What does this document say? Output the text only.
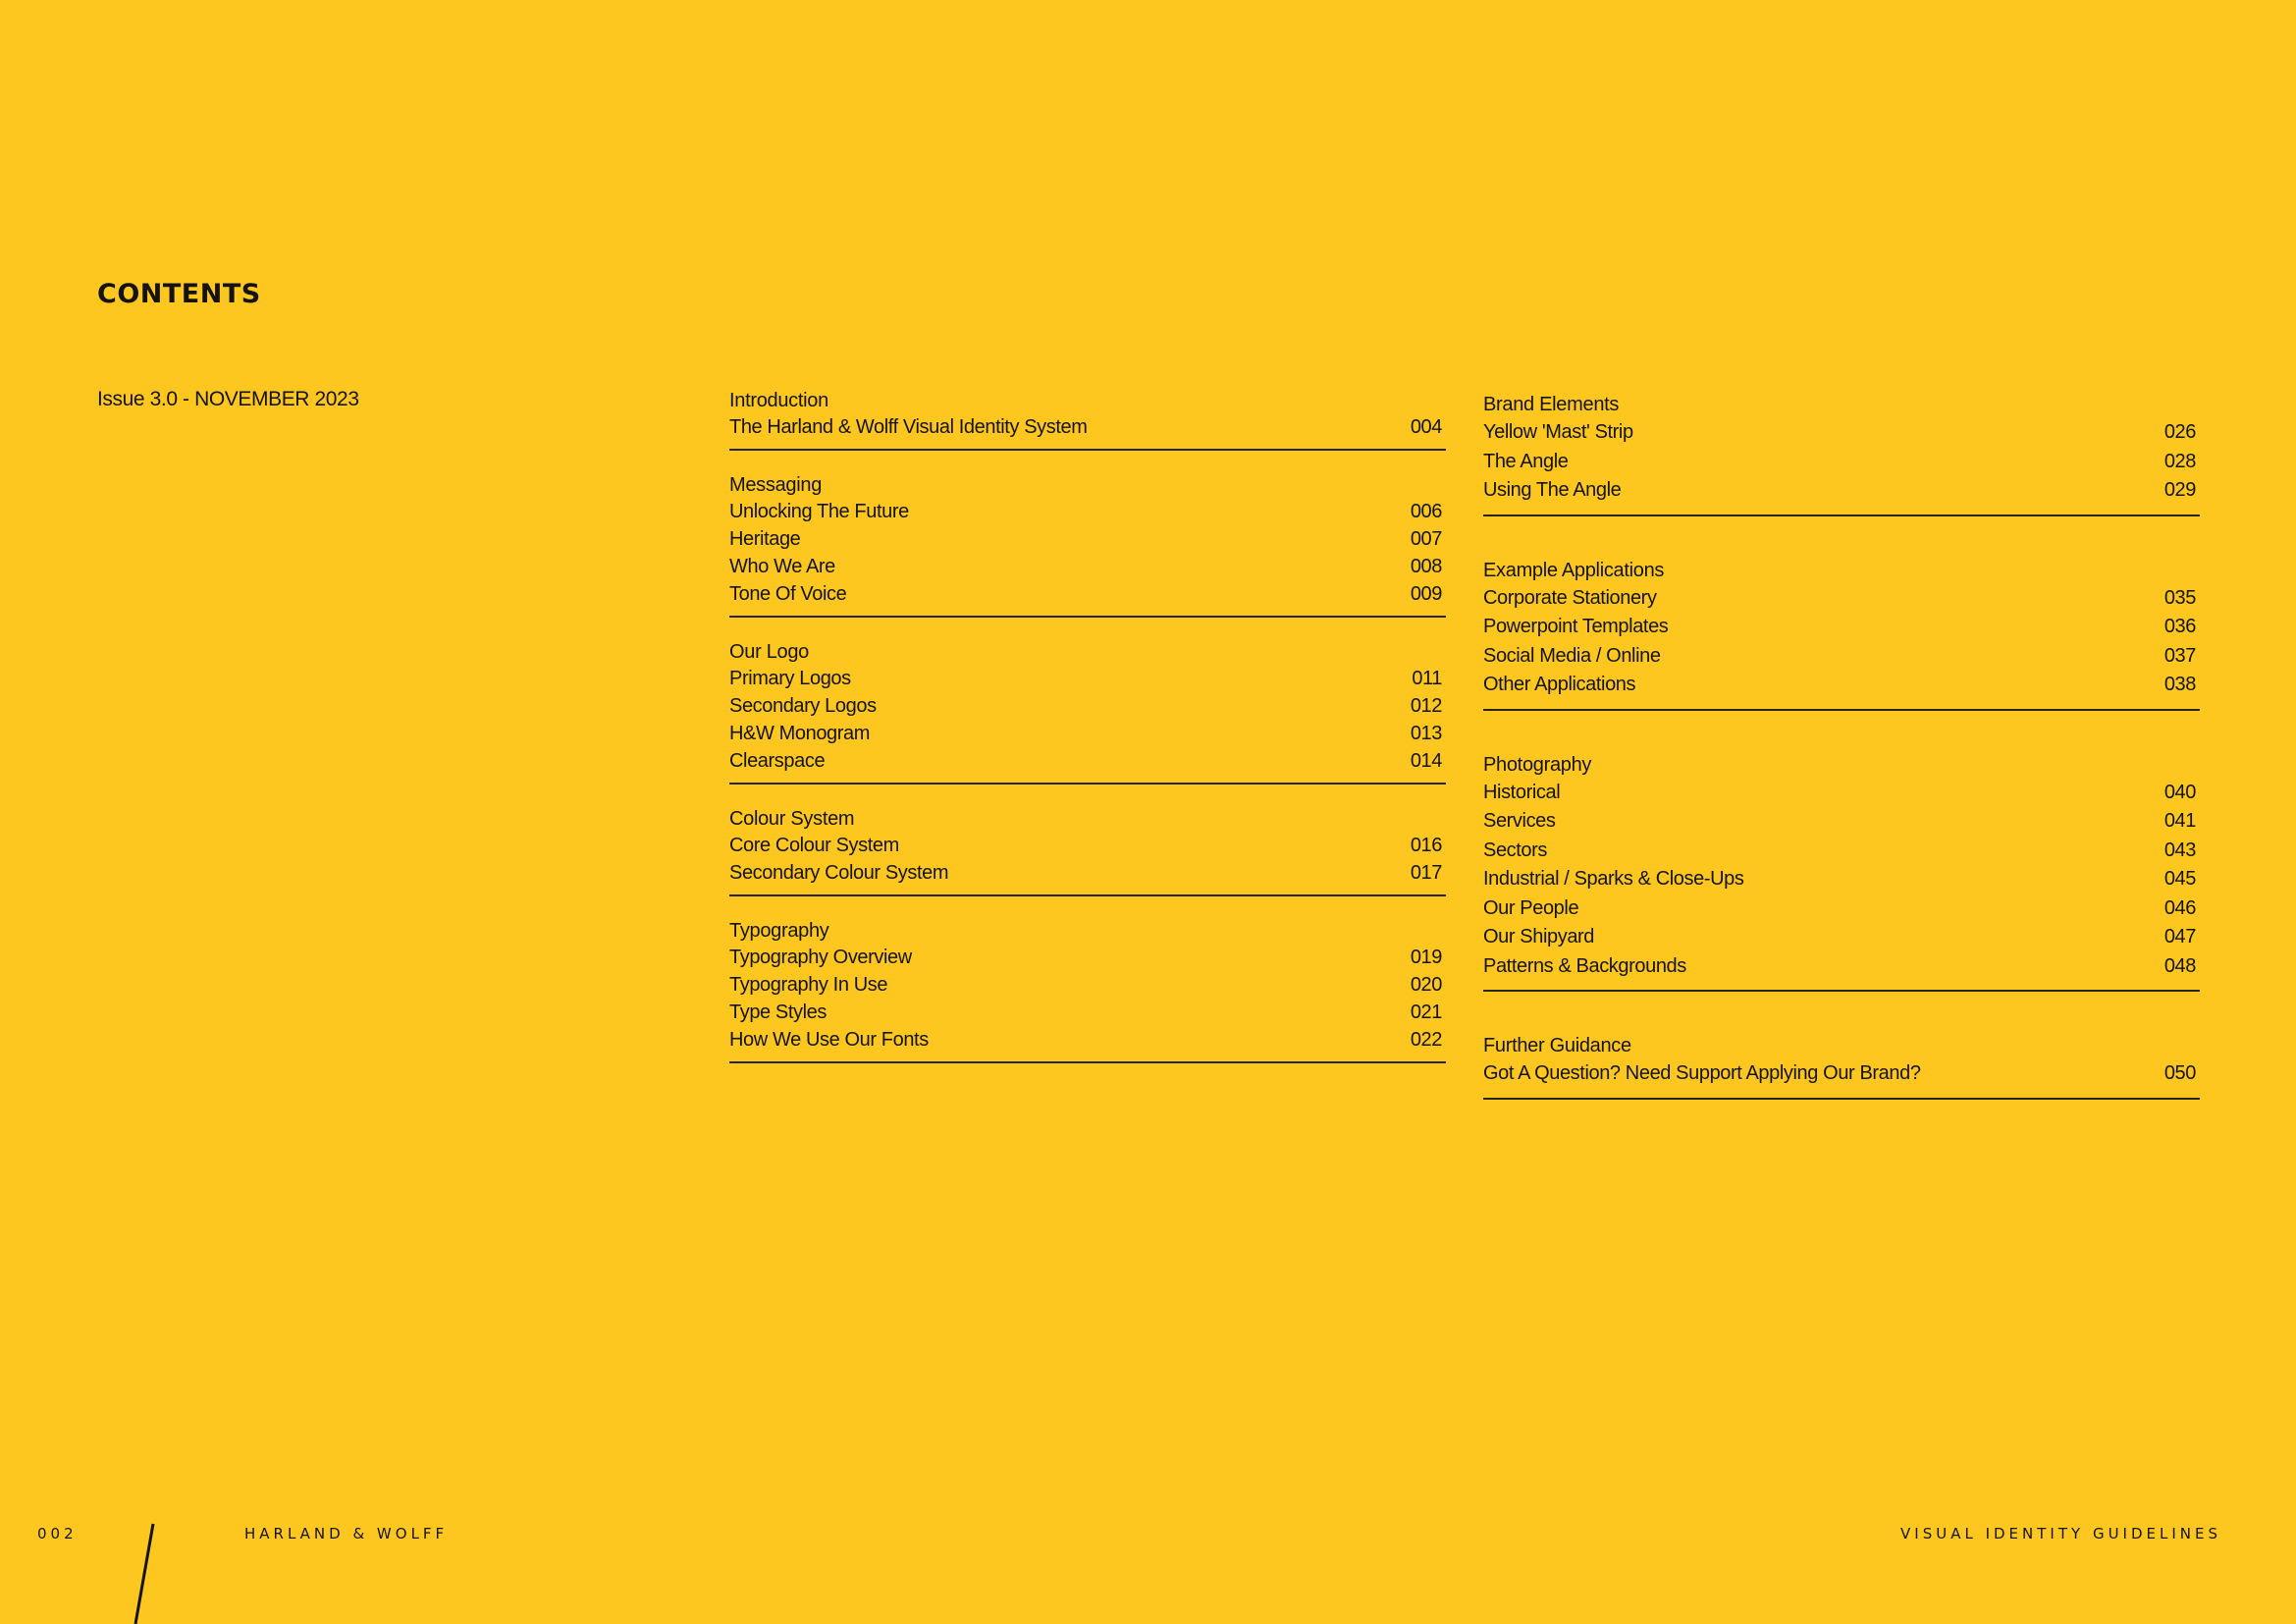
CONTENTS
Issue 3.0 - NOVEMBER 2023	Introduction
The Harland & Wolff Visual Identity System	004
Messaging
Unlocking The Future	006
Heritage	007
Who We Are	008
Tone Of Voice	009
Our Logo
Primary Logos	011
Secondary Logos	012
H&W Monogram	013
Clearspace	014
Colour System
Core Colour System	016
Secondary Colour System	017
Typography
Typography Overview	019
Typography In Use	020
Type Styles	021
How We Use Our Fonts	022
Brand Elements
Yellow 'Mast' Strip	026
The Angle	028
Using The Angle	029
Example Applications
Corporate Stationery	035
Powerpoint Templates	036
Social Media / Online	037
Other Applications	038
Photography
Historical	040
Services	041
Sectors	043
Industrial / Sparks & Close-Ups	045
Our People	046
Our Shipyard	047
Patterns & Backgrounds	048
Further Guidance
Got A Question? Need Support Applying Our Brand?	050
002	HARLAND & WOLFF	VISUAL IDENTITY GUIDELINES
